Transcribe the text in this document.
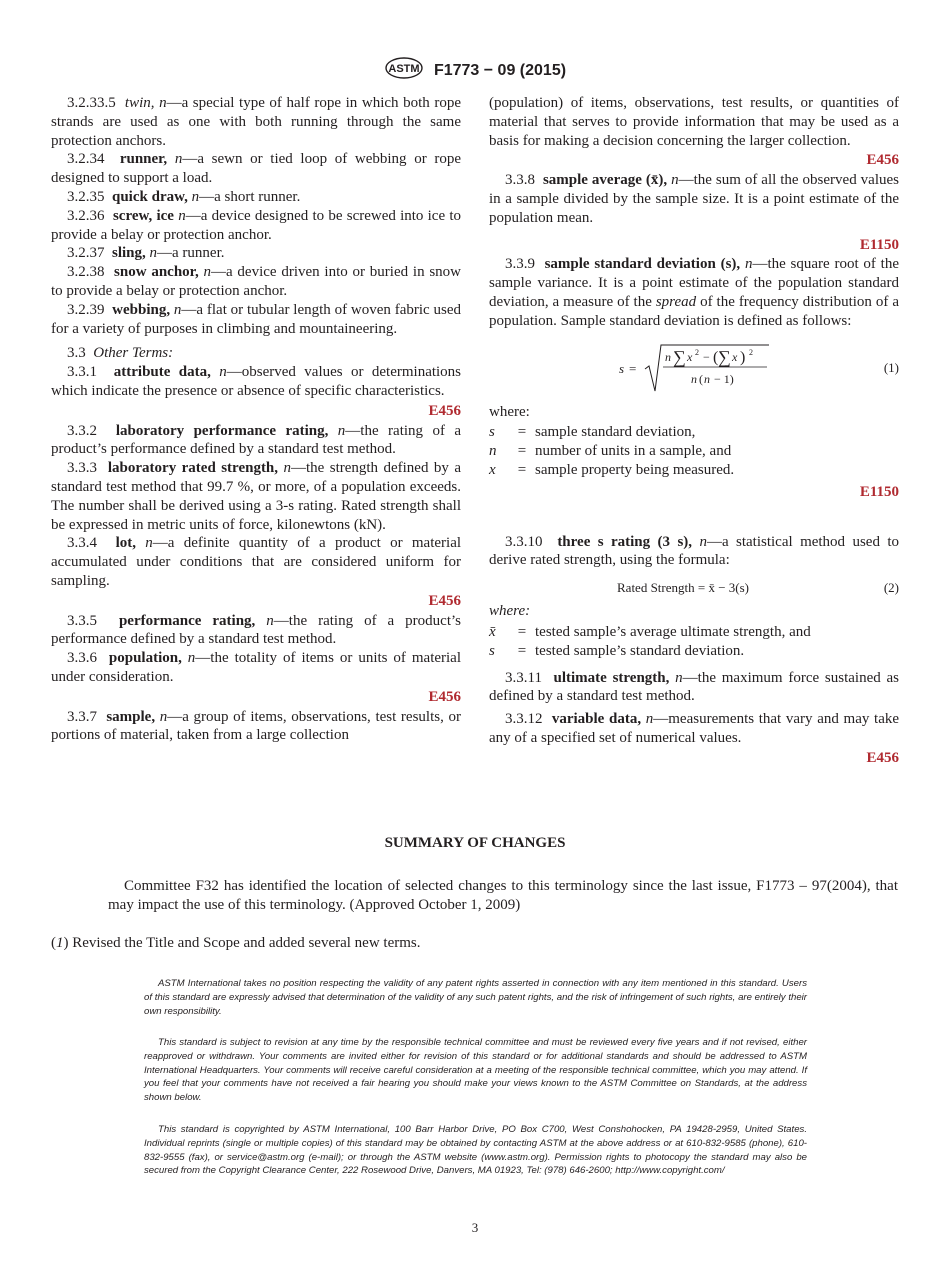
ASTM F1773 − 09 (2015)

3.2.33.5 twin, n—a special type of half rope in which both rope strands are used as one with both running through the same protection anchors.

3.2.34 runner, n—a sewn or tied loop of webbing or rope designed to support a load.

3.2.35 quick draw, n—a short runner.

3.2.36 screw, ice n—a device designed to be screwed into ice to provide a belay or protection anchor.

3.2.37 sling, n—a runner.

3.2.38 snow anchor, n—a device driven into or buried in snow to provide a belay or protection anchor.

3.2.39 webbing, n—a flat or tubular length of woven fabric used for a variety of purposes in climbing and mountaineering.

3.3 Other Terms:

3.3.1 attribute data, n—observed values or determinations which indicate the presence or absence of specific characteristics.

E456

3.3.2 laboratory performance rating, n—the rating of a product’s performance defined by a standard test method.

3.3.3 laboratory rated strength, n—the strength defined by a standard test method that 99.7 %, or more, of a population exceeds. The number shall be derived using a 3-s rating. Rated strength shall be expressed in metric units of force, kilonewtons (kN).

3.3.4 lot, n—a definite quantity of a product or material accumulated under conditions that are considered uniform for sampling.

E456

3.3.5 performance rating, n—the rating of a product’s performance defined by a standard test method.

3.3.6 population, n—the totality of items or units of material under consideration.

E456

3.3.7 sample, n—a group of items, observations, test results, or portions of material, taken from a large collection

(population) of items, observations, test results, or quantities of material that serves to provide information that may be used as a basis for making a decision concerning the larger collection.

E456

3.3.8 sample average (x̄), n—the sum of all the observed values in a sample divided by the sample size. It is a point estimate of the population mean.

E1150

3.3.9 sample standard deviation (s), n—the square root of the sample variance. It is a point estimate of the population standard deviation, a measure of the spread of the frequency distribution of a population. Sample standard deviation is defined as follows:

s =
n ∑ x 2 − ( ∑ x ) 2
n ( n − 1)
(1)

where:

s	= sample standard deviation,
n	= number of units in a sample, and
x	= sample property being measured.
E1150

3.3.10 three s rating (3 s), n—a statistical method used to derive rated strength, using the formula:

Rated Strength = x̄ − 3(s)	(2)

where:

x̄	= tested sample’s average ultimate strength, and
s	= tested sample’s standard deviation.

3.3.11 ultimate strength, n—the maximum force sustained as defined by a standard test method.

3.3.12 variable data, n—measurements that vary and may take any of a specified set of numerical values.

E456
SUMMARY OF CHANGES
Committee F32 has identified the location of selected changes to this terminology since the last issue, F1773 – 97(2004), that may impact the use of this terminology. (Approved October 1, 2009)
(1) Revised the Title and Scope and added several new terms.
ASTM International takes no position respecting the validity of any patent rights asserted in connection with any item mentioned in this standard. Users of this standard are expressly advised that determination of the validity of any such patent rights, and the risk of infringement of such rights, are entirely their own responsibility.
This standard is subject to revision at any time by the responsible technical committee and must be reviewed every five years and if not revised, either reapproved or withdrawn. Your comments are invited either for revision of this standard or for additional standards and should be addressed to ASTM International Headquarters. Your comments will receive careful consideration at a meeting of the responsible technical committee, which you may attend. If you feel that your comments have not received a fair hearing you should make your views known to the ASTM Committee on Standards, at the address shown below.
This standard is copyrighted by ASTM International, 100 Barr Harbor Drive, PO Box C700, West Conshohocken, PA 19428-2959, United States. Individual reprints (single or multiple copies) of this standard may be obtained by contacting ASTM at the above address or at 610-832-9585 (phone), 610-832-9555 (fax), or service@astm.org (e-mail); or through the ASTM website (www.astm.org). Permission rights to photocopy the standard may also be secured from the Copyright Clearance Center, 222 Rosewood Drive, Danvers, MA 01923, Tel: (978) 646-2600; http://www.copyright.com/
3
